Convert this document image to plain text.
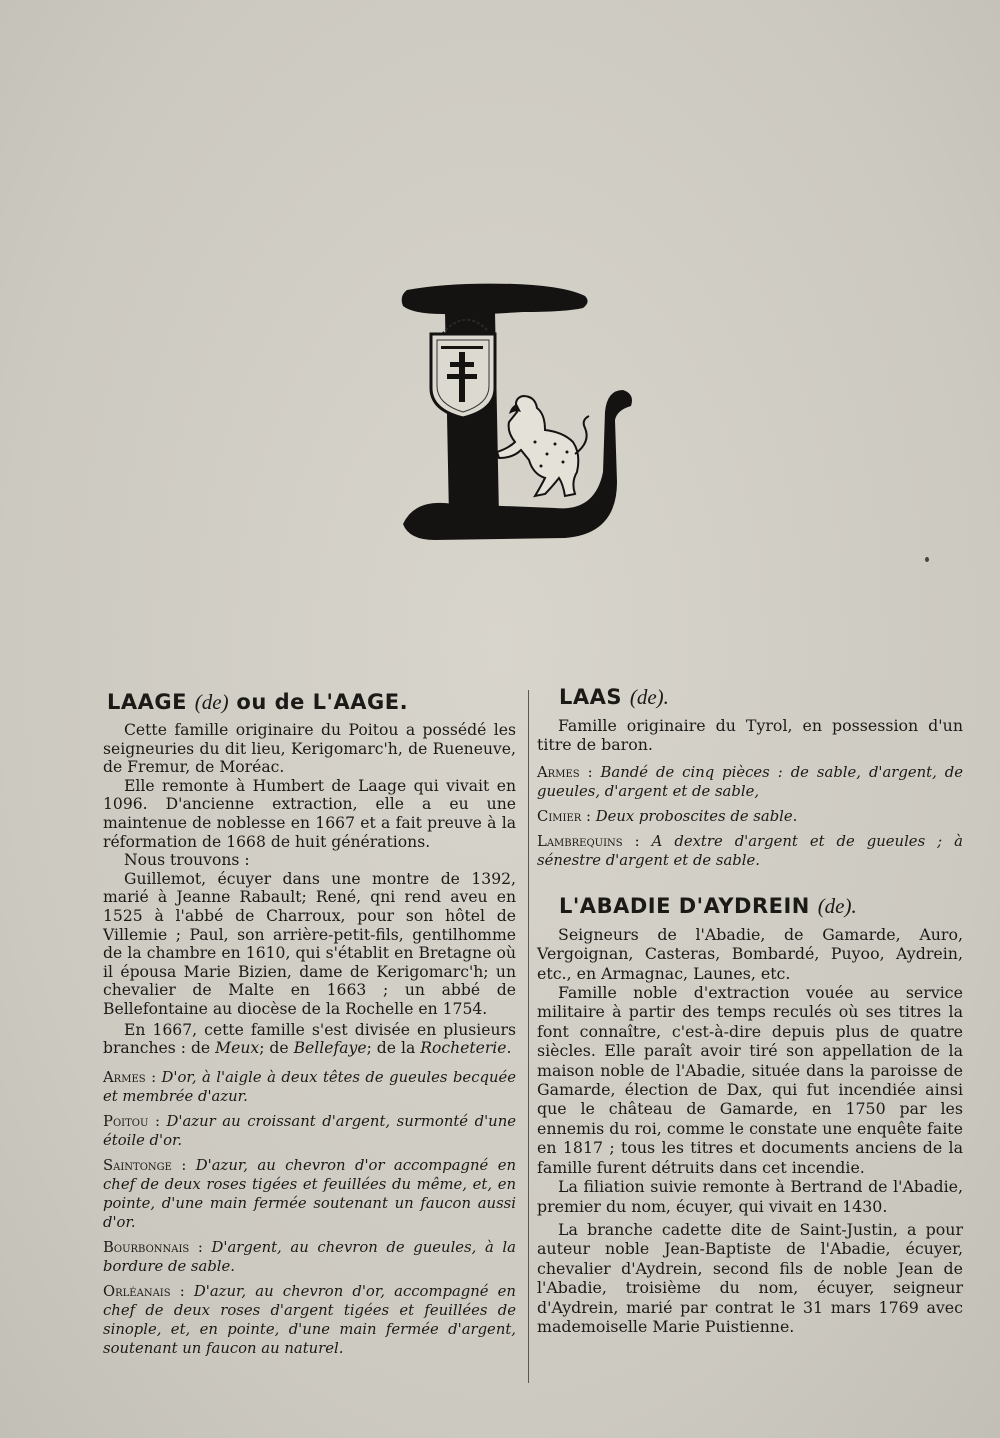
LAAGE (de) ou de L'AAGE.

Cette famille originaire du Poitou a possédé les seigneuries du dit lieu, Kerigomarc'h, de Rueneuve, de Fremur, de Moréac.

Elle remonte à Humbert de Laage qui vivait en 1096. D'ancienne extraction, elle a eu une maintenue de noblesse en 1667 et a fait preuve à la réformation de 1668 de huit générations.

Nous trouvons :

Guillemot, écuyer dans une montre de 1392, marié à Jeanne Rabault; René, qni rend aveu en 1525 à l'abbé de Charroux, pour son hôtel de Villemie ; Paul, son arrière-petit-fils, gentilhomme de la chambre en 1610, qui s'établit en Bretagne où il épousa Marie Bizien, dame de Kerigomarc'h; un chevalier de Malte en 1663 ; un abbé de Bellefontaine au diocèse de la Rochelle en 1754.

En 1667, cette famille s'est divisée en plusieurs branches : de Meux; de Bellefaye; de la Rocheterie.

Armes : D'or, à l'aigle à deux têtes de gueules becquée et membrée d'azur.

Poitou : D'azur au croissant d'argent, surmonté d'une étoile d'or.

Saintonge : D'azur, au chevron d'or accompagné en chef de deux roses tigées et feuillées du même, et, en pointe, d'une main fermée soutenant un faucon aussi d'or.

Bourbonnais : D'argent, au chevron de gueules, à la bordure de sable.

Orléanais : D'azur, au chevron d'or, accompagné en chef de deux roses d'argent tigées et feuillées de sinople, et, en pointe, d'une main fermée d'argent, soutenant un faucon au naturel.

LAAS (de).

Famille originaire du Tyrol, en possession d'un titre de baron.

Armes : Bandé de cinq pièces : de sable, d'argent, de gueules, d'argent et de sable,

Cimier : Deux proboscites de sable.

Lambrequins : A dextre d'argent et de gueules ; à sénestre d'argent et de sable.

L'ABADIE D'AYDREIN (de).

Seigneurs de l'Abadie, de Gamarde, Auro, Vergoignan, Casteras, Bombardé, Puyoo, Aydrein, etc., en Armagnac, Launes, etc.

Famille noble d'extraction vouée au service militaire à partir des temps reculés où ses titres la font connaître, c'est-à-dire depuis plus de quatre siècles. Elle paraît avoir tiré son appellation de la maison noble de l'Abadie, située dans la paroisse de Gamarde, élection de Dax, qui fut incendiée ainsi que le château de Gamarde, en 1750 par les ennemis du roi, comme le constate une enquête faite en 1817 ; tous les titres et documents anciens de la famille furent détruits dans cet incendie.

La filiation suivie remonte à Bertrand de l'Abadie, premier du nom, écuyer, qui vivait en 1430.

La branche cadette dite de Saint-Justin, a pour auteur noble Jean-Baptiste de l'Abadie, écuyer, chevalier d'Aydrein, second fils de noble Jean de l'Abadie, troisième du nom, écuyer, seigneur d'Aydrein, marié par contrat le 31 mars 1769 avec mademoiselle Marie Puistienne.
